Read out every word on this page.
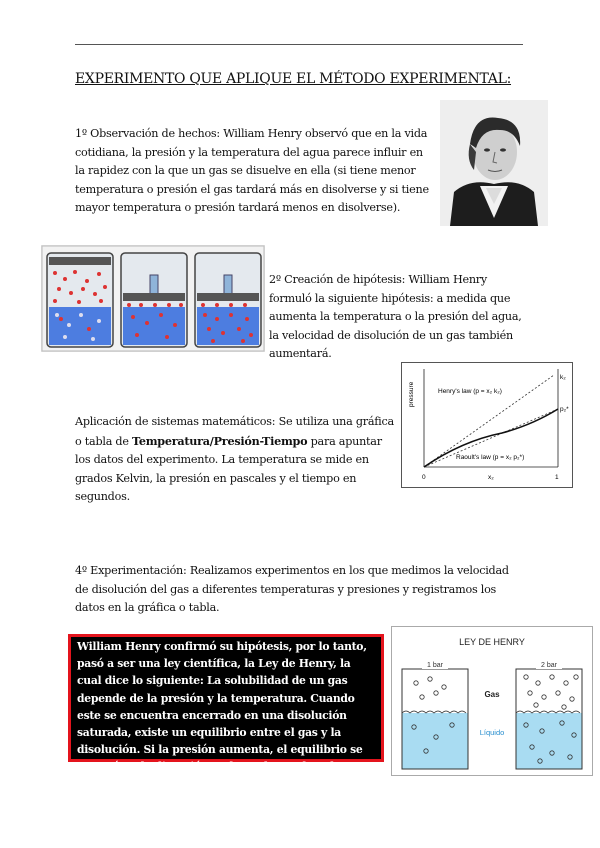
EXPERIMENTO QUE APLIQUE EL MÉTODO EXPERIMENTAL:
1º Observación de hechos: William Henry observó que en la vida cotidiana, la presión y la temperatura del agua parece influir en la rapidez con la que un gas se disuelve en ella (si tiene menor temperatura o presión el gas tardará más en disolverse y si tiene mayor temperatura o presión tardará menos en disolverse).
2º Creación de hipótesis: William Henry formuló la siguiente hipótesis: a medida que aumenta la temperatura o la presión del agua, la velocidad de disolución de un gas también aumentará.
pressure	Henry's law (p = x₂ k₂)
Raoult's law (p = x₂ p₂*)
k₂
p₂*
0	x₂	1
Aplicación de sistemas matemáticos: Se utiliza una gráfica o tabla de Temperatura/Presión-Tiempo para apuntar los datos del experimento. La temperatura se mide en grados Kelvin, la presión en pascales y el tiempo en segundos.
4º Experimentación: Realizamos experimentos en los que medimos la velocidad de disolución del gas a diferentes temperaturas y presiones y registramos los datos en la gráfica o tabla.
William Henry confirmó su hipótesis, por lo tanto, pasó a ser una ley científica, la Ley de Henry, la cual dice lo siguiente: La solubilidad de un gas depende de la presión y la temperatura. Cuando este se encuentra encerrado en una disolución saturada, existe un equilibrio entre el gas y la disolución. Si la presión aumenta, el equilibrio se moverá en la dirección en la cual se reduce la presión.
LEY DE HENRY
1 bar
Gas
Líquido
2 bar
